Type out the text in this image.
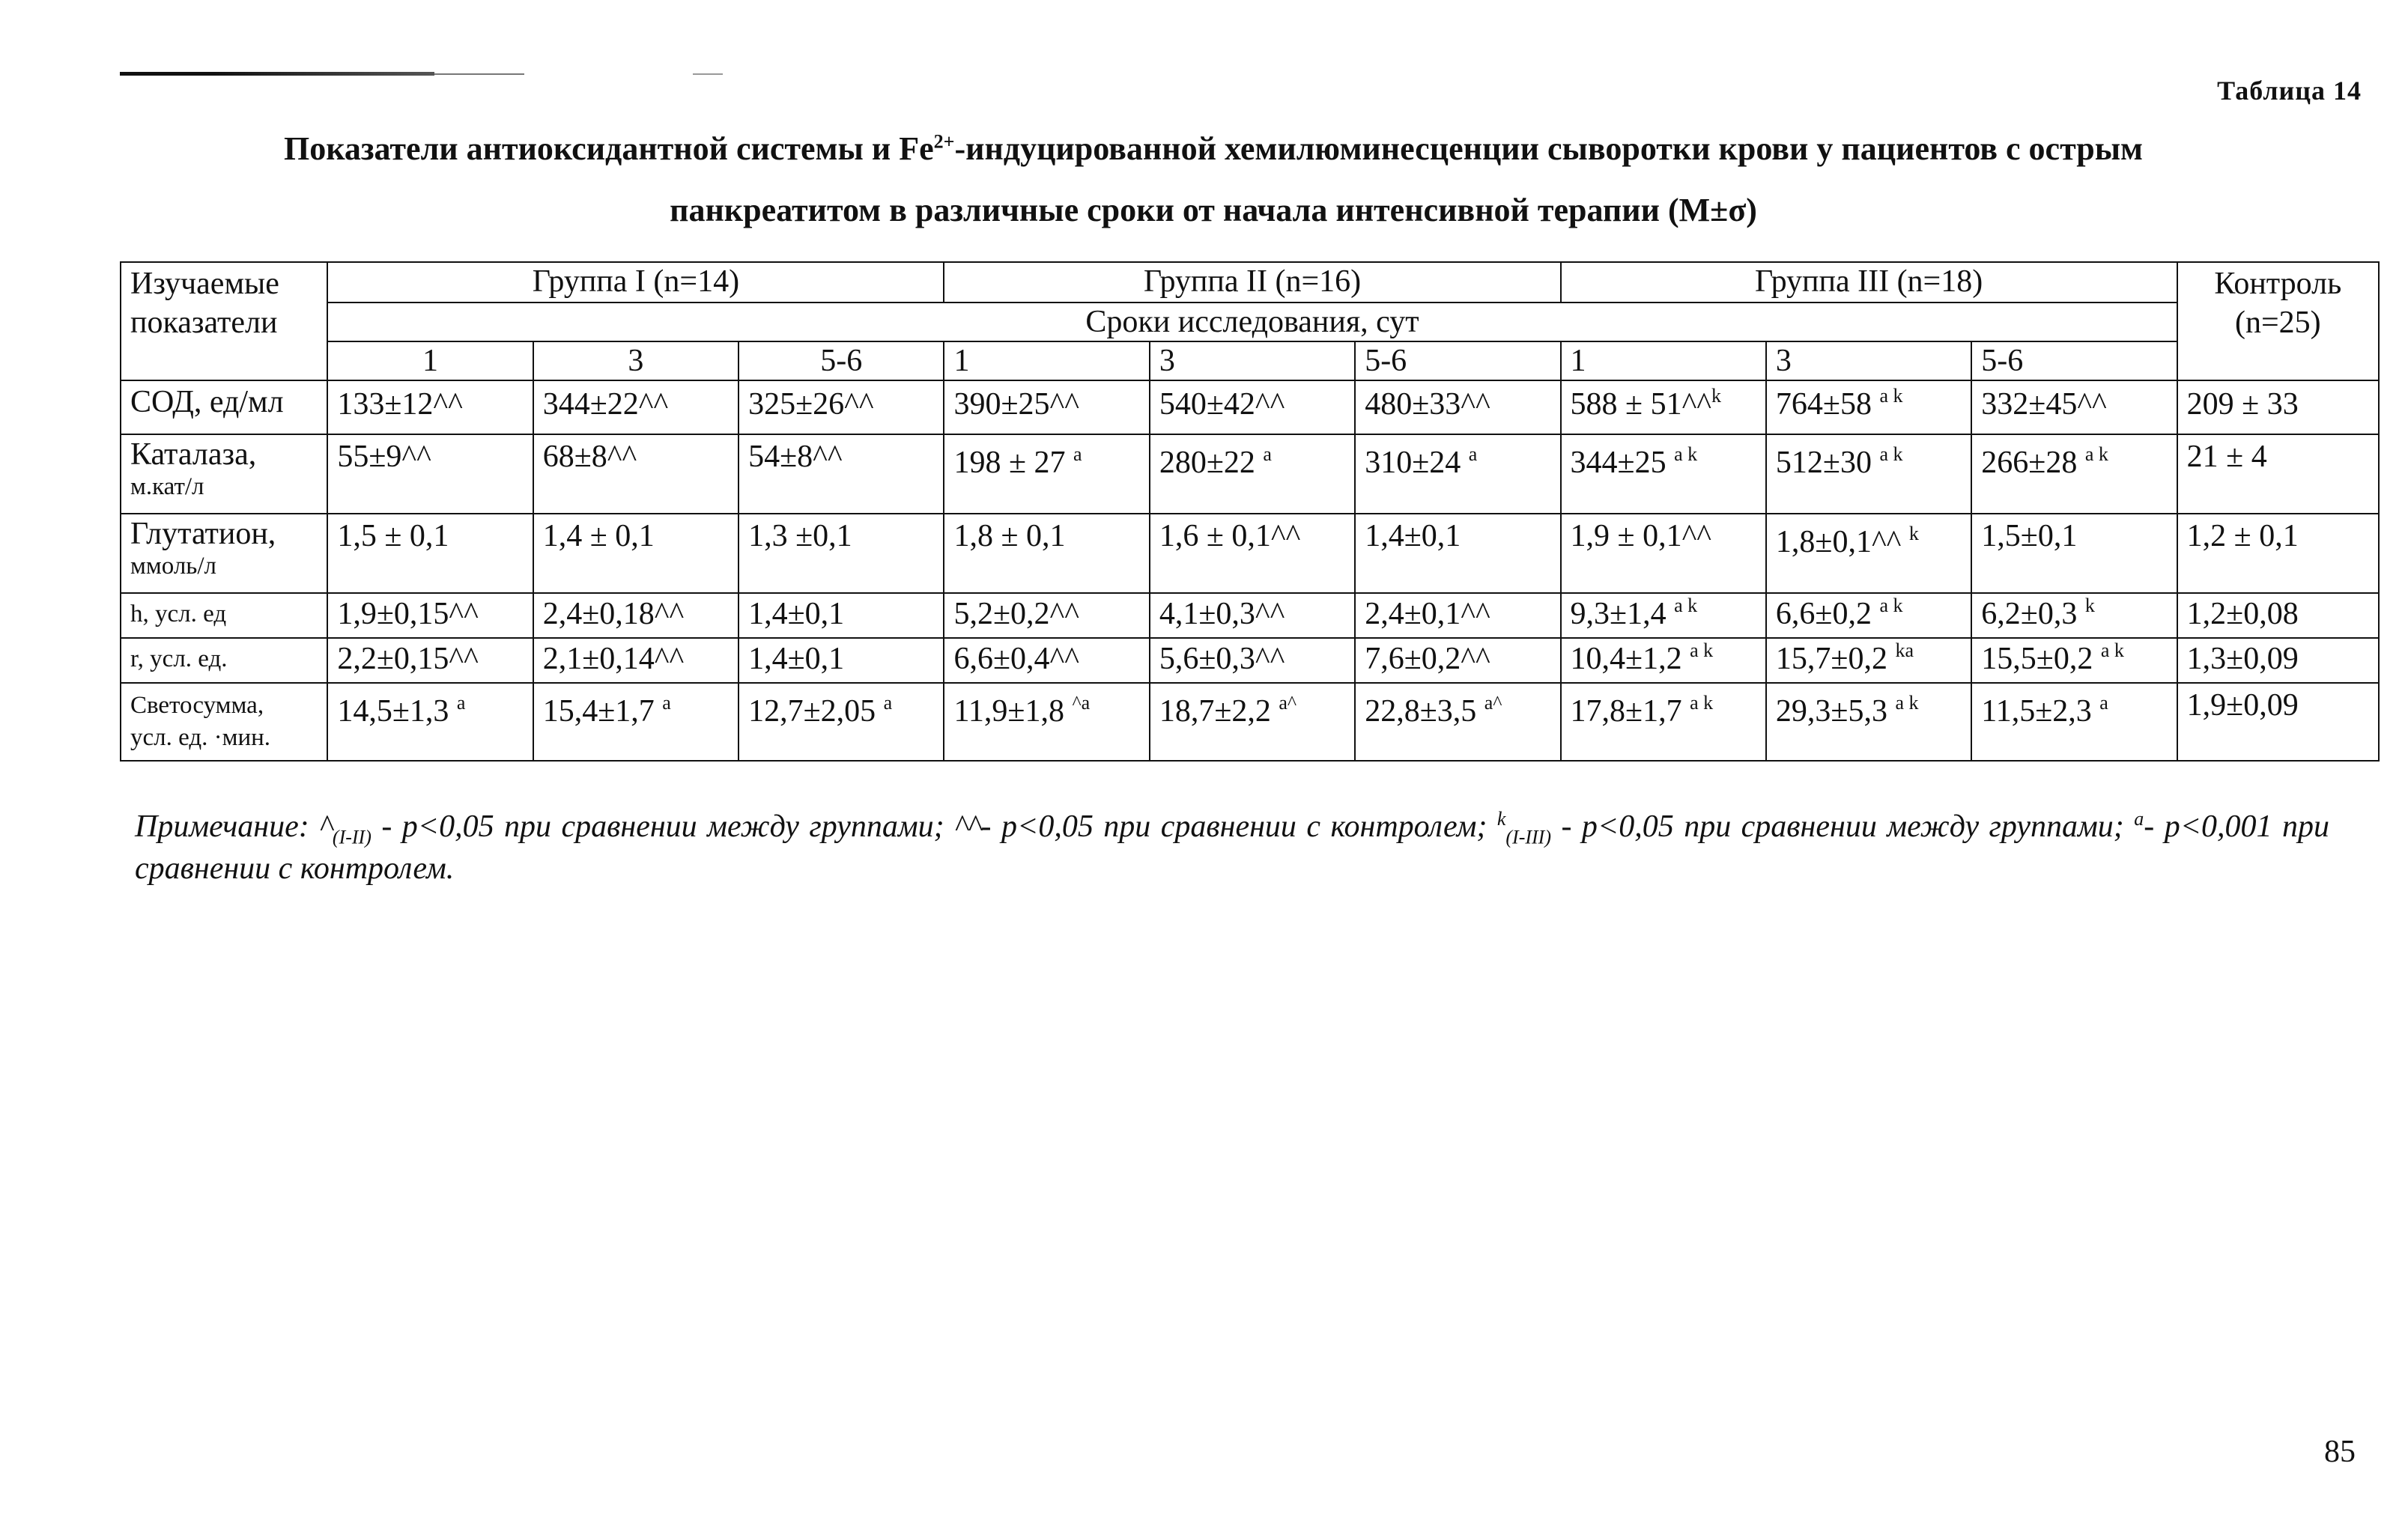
Таблица 14
Показатели антиоксидантной системы и $Fe^{2+}$-индуцированной хемилюминесценции сыворотки крови у пациентов с острым
панкреатитом в различные сроки от начала интенсивной терапии (M±σ)
Изучаемые показатели	Группа I (n=14)			Группа II (n=16)			Группа III (n=18)			Контроль (n=25)
	Сроки исследования, сут									
	1	3	5-6	1	3	5-6	1	3	5-6	
СОД, ед/мл	133±12^^	344±22^^	325±26^^	390±25^^	540±42^^	480±33^^	588 ± 51^^$^k$	764±58 $^{a k}$	332±45^^	209 ± 33
Каталаза,
м.кат/л	55±9^^	68±8^^	54±8^^	198 ± 27 $^a$	280±22 $^a$	310±24 $^a$	344±25 $^{a k}$	512±30 $^{a k}$	266±28 $^{a k}$	21 ± 4
Глутатион,
ммоль/л	1,5 ± 0,1	1,4 ± 0,1	1,3 ±0,1	1,8 ± 0,1	1,6 ± 0,1^^	1,4±0,1	1,9 ± 0,1^^	1,8±0,1^^ $^k$	1,5±0,1	1,2 ± 0,1
h, усл. ед	1,9±0,15^^	2,4±0,18^^	1,4±0,1	5,2±0,2^^	4,1±0,3^^	2,4±0,1^^	9,3±1,4 $^{a k}$	6,6±0,2 $^{a k}$	6,2±0,3 $^k$	1,2±0,08
r, усл. ед.	2,2±0,15^^	2,1±0,14^^	1,4±0,1	6,6±0,4^^	5,6±0,3^^	7,6±0,2^^	10,4±1,2 $^{a k}$	15,7±0,2 $^{ka}$	15,5±0,2 $^{a k}$	1,3±0,09
Светосумма,
усл. ед. ·мин.	14,5±1,3 $^a$	15,4±1,7 $^a$	12,7±2,05 $^a$	11,9±1,8 $^{\^{}a}$	18,7±2,2 $^{a\^{}}$	22,8±3,5 $^{a\^{}}$	17,8±1,7 $^{a k}$	29,3±5,3 $^{a k}$	11,5±2,3 $^a$	1,9±0,09
Примечание: $\^{}_{(I-II)} - p<0,05$ при сравнении между группами; ^^- p<0,05 при сравнении с контролем; $^k_{(I-III)}$ - p<0,05 при сравнении между группами; $^a$- p<0,001 при сравнении с контролем.
85
